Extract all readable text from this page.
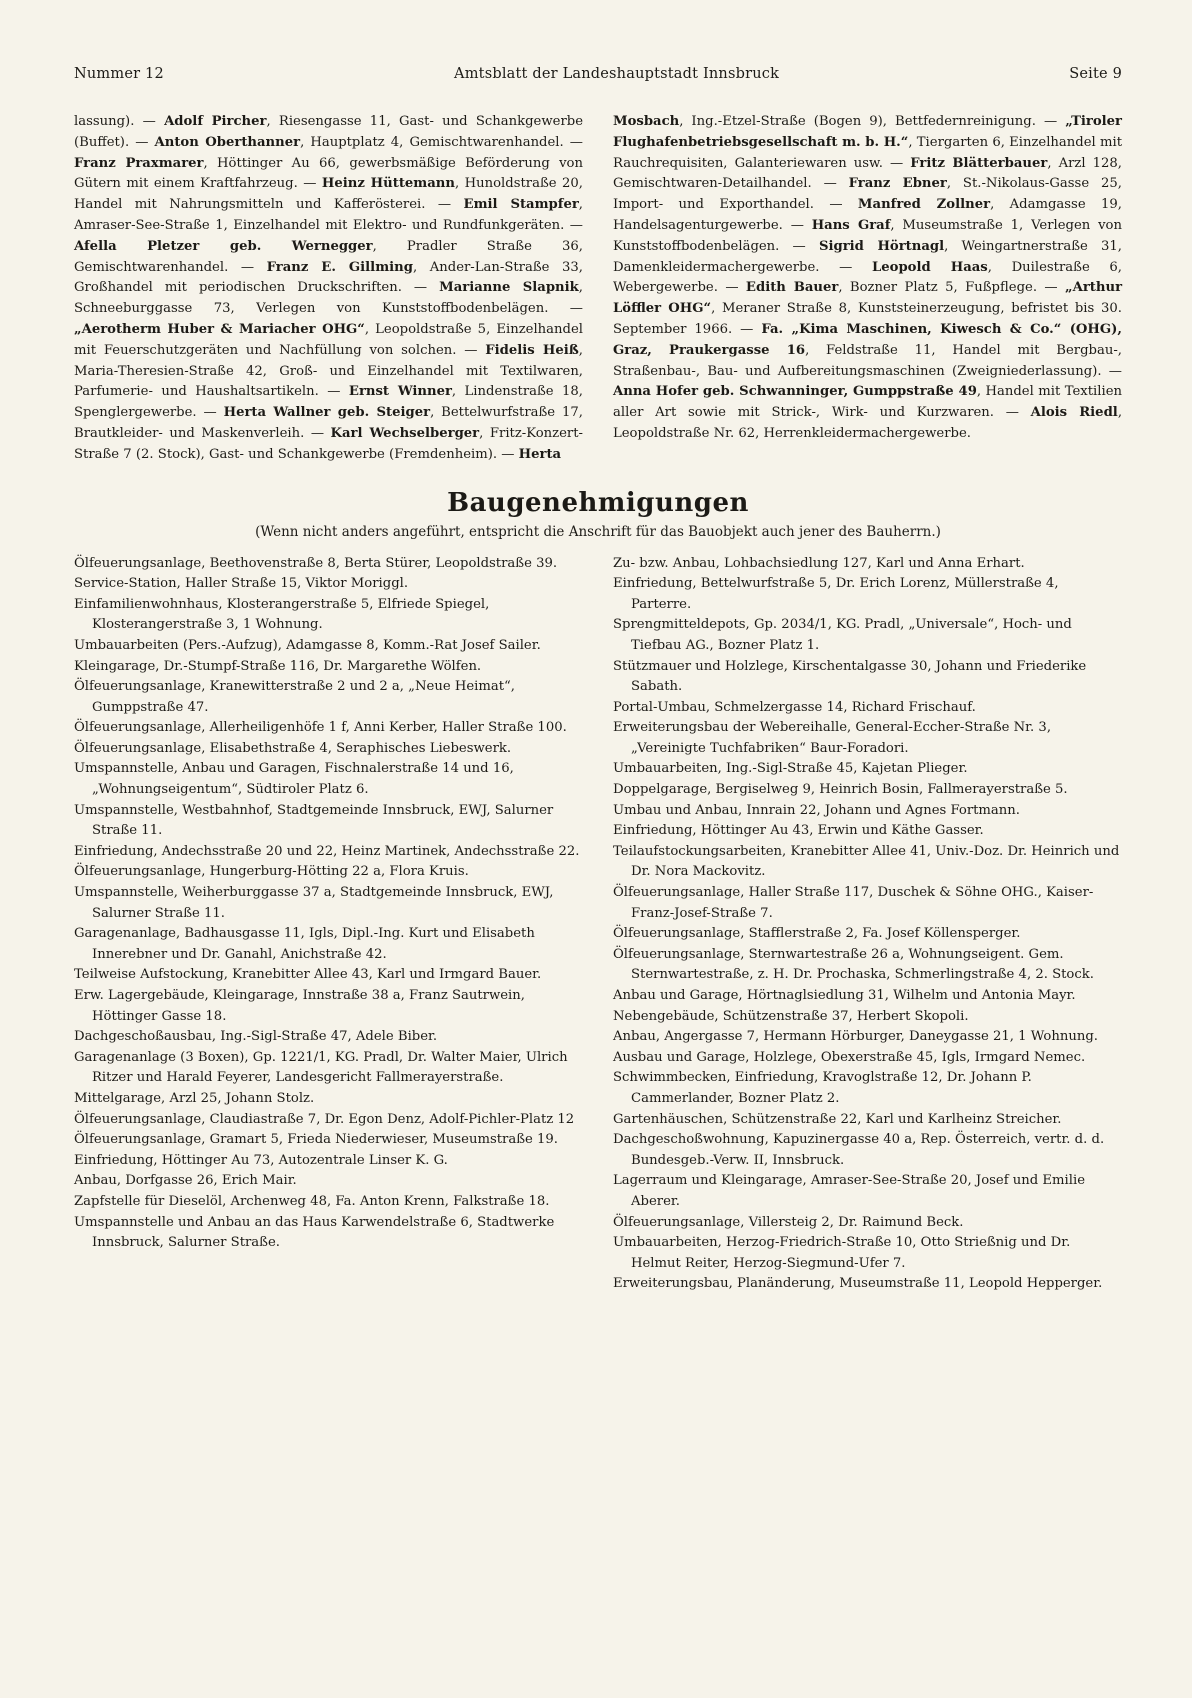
Nummer 12	Amtsblatt der Landeshauptstadt Innsbruck	Seite 9
lassung). — Adolf Pircher, Riesengasse 11, Gast- und Schankgewerbe (Buffet). — Anton Oberthanner, Hauptplatz 4, Gemischtwarenhandel. — Franz Praxmarer, Höttinger Au 66, gewerbsmäßige Beförderung von Gütern mit einem Kraftfahrzeug. — Heinz Hüttemann, Hunoldstraße 20, Handel mit Nahrungsmitteln und Kafferösterei. — Emil Stampfer, Amraser-See-Straße 1, Einzelhandel mit Elektro- und Rundfunkgeräten. — Afella Pletzer geb. Wernegger, Pradler Straße 36, Gemischtwarenhandel. — Franz E. Gillming, Ander-Lan-Straße 33, Großhandel mit periodischen Druckschriften. — Marianne Slapnik, Schneeburggasse 73, Verlegen von Kunststoffbodenbelägen. — „Aerotherm Huber & Mariacher OHG“, Leopoldstraße 5, Einzelhandel mit Feuerschutzgeräten und Nachfüllung von solchen. — Fidelis Heiß, Maria-Theresien-Straße 42, Groß- und Einzelhandel mit Textilwaren, Parfumerie- und Haushaltsartikeln. — Ernst Winner, Lindenstraße 18, Spenglergewerbe. — Herta Wallner geb. Steiger, Bettelwurfstraße 17, Brautkleider- und Maskenverleih. — Karl Wechselberger, Fritz-Konzert-Straße 7 (2. Stock), Gast- und Schankgewerbe (Fremdenheim). — Herta
Mosbach, Ing.-Etzel-Straße (Bogen 9), Bettfedernreinigung. — „Tiroler Flughafenbetriebsgesellschaft m. b. H.“, Tiergarten 6, Einzelhandel mit Rauchrequisiten, Galanteriewaren usw. — Fritz Blätterbauer, Arzl 128, Gemischtwaren-Detailhandel. — Franz Ebner, St.-Nikolaus-Gasse 25, Import- und Exporthandel. — Manfred Zollner, Adamgasse 19, Handelsagenturgewerbe. — Hans Graf, Museumstraße 1, Verlegen von Kunststoffbodenbelägen. — Sigrid Hörtnagl, Weingartnerstraße 31, Damenkleidermachergewerbe. — Leopold Haas, Duilestraße 6, Webergewerbe. — Edith Bauer, Bozner Platz 5, Fußpflege. — „Arthur Löffler OHG“, Meraner Straße 8, Kunststeinerzeugung, befristet bis 30. September 1966. — Fa. „Kima Maschinen, Kiwesch & Co.“ (OHG), Graz, Praukergasse 16, Feldstraße 11, Handel mit Bergbau-, Straßenbau-, Bau- und Aufbereitungsmaschinen (Zweigniederlassung). — Anna Hofer geb. Schwanninger, Gumppstraße 49, Handel mit Textilien aller Art sowie mit Strick-, Wirk- und Kurzwaren. — Alois Riedl, Leopoldstraße Nr. 62, Herrenkleidermachergewerbe.
Baugenehmigungen
(Wenn nicht anders angeführt, entspricht die Anschrift für das Bauobjekt auch jener des Bauherrn.)

Ölfeuerungsanlage, Beethovenstraße 8, Berta Stürer, Leopoldstraße 39.

Service-Station, Haller Straße 15, Viktor Moriggl.

Einfamilienwohnhaus, Klosterangerstraße 5, Elfriede Spiegel, Klosterangerstraße 3, 1 Wohnung.

Umbauarbeiten (Pers.-Aufzug), Adamgasse 8, Komm.-Rat Josef Sailer.

Kleingarage, Dr.-Stumpf-Straße 116, Dr. Margarethe Wölfen.

Ölfeuerungsanlage, Kranewitterstraße 2 und 2 a, „Neue Heimat“, Gumppstraße 47.

Ölfeuerungsanlage, Allerheiligenhöfe 1 f, Anni Kerber, Haller Straße 100.

Ölfeuerungsanlage, Elisabethstraße 4, Seraphisches Liebeswerk.

Umspannstelle, Anbau und Garagen, Fischnalerstraße 14 und 16, „Wohnungseigentum“, Südtiroler Platz 6.

Umspannstelle, Westbahnhof, Stadtgemeinde Innsbruck, EWJ, Salurner Straße 11.

Einfriedung, Andechsstraße 20 und 22, Heinz Martinek, Andechsstraße 22.

Ölfeuerungsanlage, Hungerburg-Hötting 22 a, Flora Kruis.

Umspannstelle, Weiherburggasse 37 a, Stadtgemeinde Innsbruck, EWJ, Salurner Straße 11.

Garagenanlage, Badhausgasse 11, Igls, Dipl.-Ing. Kurt und Elisabeth Innerebner und Dr. Ganahl, Anichstraße 42.

Teilweise Aufstockung, Kranebitter Allee 43, Karl und Irmgard Bauer.

Erw. Lagergebäude, Kleingarage, Innstraße 38 a, Franz Sautrwein, Höttinger Gasse 18.

Dachgeschoßausbau, Ing.-Sigl-Straße 47, Adele Biber.

Garagenanlage (3 Boxen), Gp. 1221/1, KG. Pradl, Dr. Walter Maier, Ulrich Ritzer und Harald Feyerer, Landesgericht Fallmerayerstraße.

Mittelgarage, Arzl 25, Johann Stolz.

Ölfeuerungsanlage, Claudiastraße 7, Dr. Egon Denz, Adolf-Pichler-Platz 12

Ölfeuerungsanlage, Gramart 5, Frieda Niederwieser, Museumstraße 19.

Einfriedung, Höttinger Au 73, Autozentrale Linser K. G.

Anbau, Dorfgasse 26, Erich Mair.

Zapfstelle für Dieselöl, Archenweg 48, Fa. Anton Krenn, Falkstraße 18.

Umspannstelle und Anbau an das Haus Karwendelstraße 6, Stadtwerke Innsbruck, Salurner Straße.

Zu- bzw. Anbau, Lohbachsiedlung 127, Karl und Anna Erhart.

Einfriedung, Bettelwurfstraße 5, Dr. Erich Lorenz, Müllerstraße 4, Parterre.

Sprengmitteldepots, Gp. 2034/1, KG. Pradl, „Universale“, Hoch- und Tiefbau AG., Bozner Platz 1.

Stützmauer und Holzlege, Kirschentalgasse 30, Johann und Friederike Sabath.

Portal-Umbau, Schmelzergasse 14, Richard Frischauf.

Erweiterungsbau der Webereihalle, General-Eccher-Straße Nr. 3, „Vereinigte Tuchfabriken“ Baur-Foradori.

Umbauarbeiten, Ing.-Sigl-Straße 45, Kajetan Plieger.

Doppelgarage, Bergiselweg 9, Heinrich Bosin, Fallmerayerstraße 5.

Umbau und Anbau, Innrain 22, Johann und Agnes Fortmann.

Einfriedung, Höttinger Au 43, Erwin und Käthe Gasser.

Teilaufstockungsarbeiten, Kranebitter Allee 41, Univ.-Doz. Dr. Heinrich und Dr. Nora Mackovitz.

Ölfeuerungsanlage, Haller Straße 117, Duschek & Söhne OHG., Kaiser-Franz-Josef-Straße 7.

Ölfeuerungsanlage, Stafflerstraße 2, Fa. Josef Köllensperger.

Ölfeuerungsanlage, Sternwartestraße 26 a, Wohnungseigent. Gem. Sternwartestraße, z. H. Dr. Prochaska, Schmerlingstraße 4, 2. Stock.

Anbau und Garage, Hörtnaglsiedlung 31, Wilhelm und Antonia Mayr.

Nebengebäude, Schützenstraße 37, Herbert Skopoli.

Anbau, Angergasse 7, Hermann Hörburger, Daneygasse 21, 1 Wohnung.

Ausbau und Garage, Holzlege, Obexerstraße 45, Igls, Irmgard Nemec.

Schwimmbecken, Einfriedung, Kravoglstraße 12, Dr. Johann P. Cammerlander, Bozner Platz 2.

Gartenhäuschen, Schützenstraße 22, Karl und Karlheinz Streicher.

Dachgeschoßwohnung, Kapuzinergasse 40 a, Rep. Österreich, vertr. d. d. Bundesgeb.-Verw. II, Innsbruck.

Lagerraum und Kleingarage, Amraser-See-Straße 20, Josef und Emilie Aberer.

Ölfeuerungsanlage, Villersteig 2, Dr. Raimund Beck.

Umbauarbeiten, Herzog-Friedrich-Straße 10, Otto Strießnig und Dr. Helmut Reiter, Herzog-Siegmund-Ufer 7.

Erweiterungsbau, Planänderung, Museumstraße 11, Leopold Hepperger.
